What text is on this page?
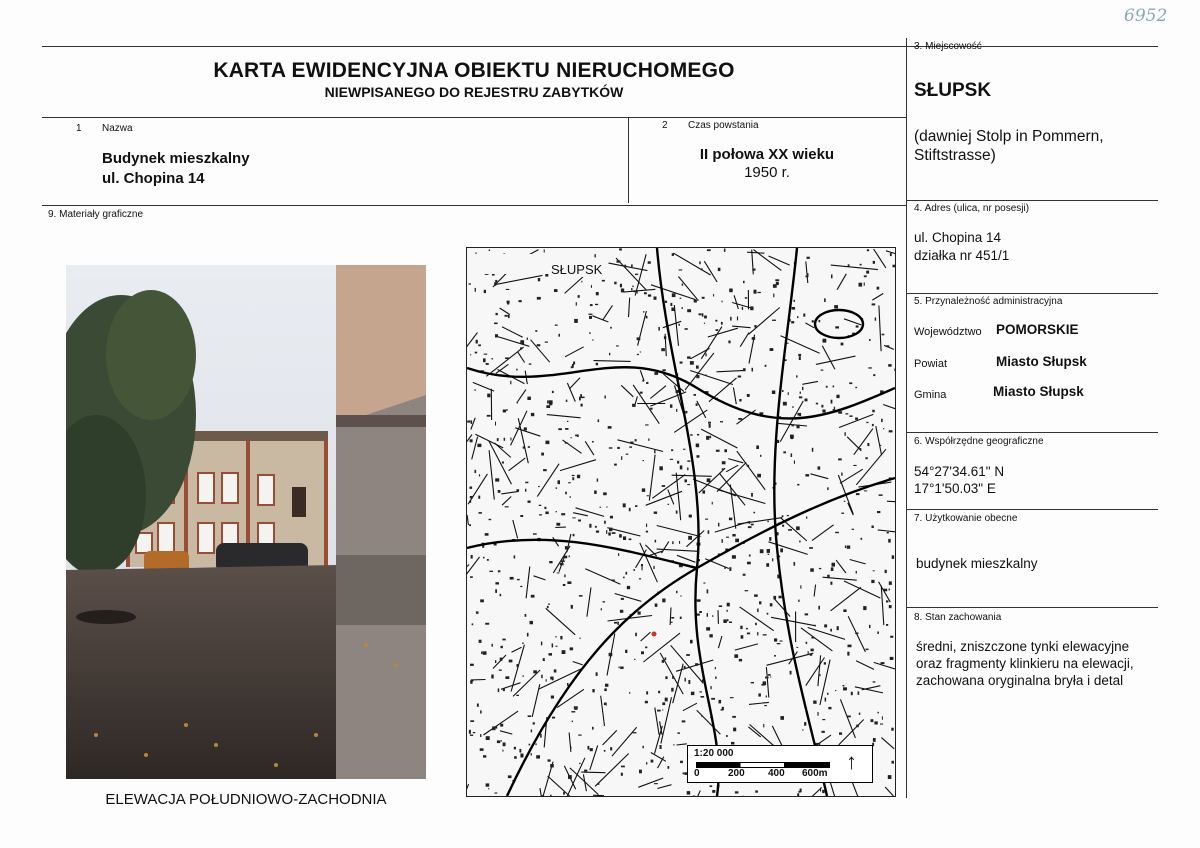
6952
KARTA EWIDENCYJNA OBIEKTU NIERUCHOMEGO
NIEWPISANEGO DO REJESTRU ZABYTKÓW
1 Nazwa
Budynek mieszkalny
ul. Chopina 14
2 Czas powstania
II połowa XX wieku
1950 r.
3. Miejscowość
SŁUPSK
(dawniej Stolp in Pommern,
Stiftstrasse)
4. Adres (ulica, nr posesji)
ul. Chopina 14
działka nr 451/1
5. Przynależność administracyjna
Województwo POMORSKIE
Powiat	Miasto Słupsk
Gmina	Miasto Słupsk
6. Współrzędne geograficzne
54°27'34.61" N
17°1'50.03" E
7. Użytkowanie obecne
budynek mieszkalny
8. Stan zachowania
średni, zniszczone tynki elewacyjne
oraz fragmenty klinkieru na elewacji,
zachowana oryginalna bryła i detal
9. Materiały graficzne
ELEWACJA POŁUDNIOWO-ZACHODNIA
SŁUPSK
1:20 000
0	200 400 600m ↑
